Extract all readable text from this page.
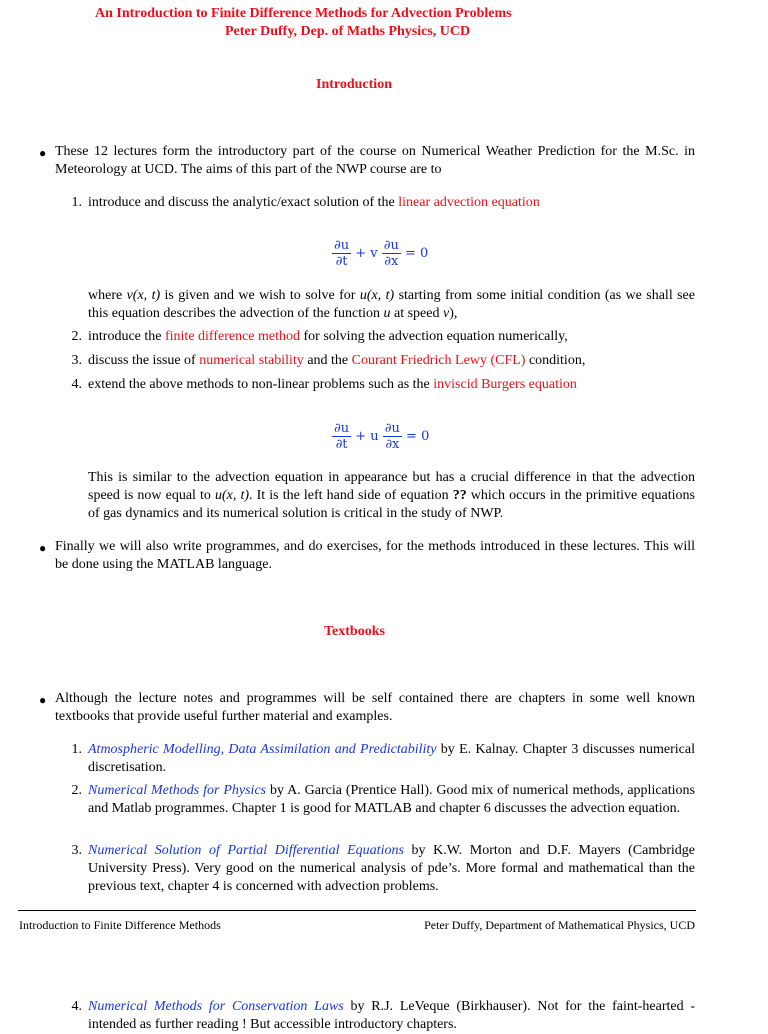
An Introduction to Finite Difference Methods for Advection Problems
Peter Duffy, Dep. of Maths Physics, UCD
Introduction
● These 12 lectures form the introductory part of the course on Numerical Weather Prediction for the M.Sc. in Meteorology at UCD. The aims of this part of the NWP course are to
1. introduce and discuss the analytic/exact solution of the linear advection equation
$\frac{\partial u}{\partial t} + v \frac{\partial u}{\partial x} = 0$
where v(x, t) is given and we wish to solve for u(x, t) starting from some initial condition (as we shall see this equation describes the advection of the function u at speed v),
2. introduce the finite difference method for solving the advection equation numerically,
3. discuss the issue of numerical stability and the Courant Friedrich Lewy (CFL) condition,
4. extend the above methods to non-linear problems such as the inviscid Burgers equation
$\frac{\partial u}{\partial t} + u \frac{\partial u}{\partial x} = 0$
This is similar to the advection equation in appearance but has a crucial difference in that the advection speed is now equal to u(x, t). It is the left hand side of equation ?? which occurs in the primitive equations of gas dynamics and its numerical solution is critical in the study of NWP.
● Finally we will also write programmes, and do exercises, for the methods introduced in these lectures. This will be done using the MATLAB language.
Textbooks
● Although the lecture notes and programmes will be self contained there are chapters in some well known textbooks that provide useful further material and examples.
1. Atmospheric Modelling, Data Assimilation and Predictability by E. Kalnay. Chapter 3 discusses numerical discretisation.
2. Numerical Methods for Physics by A. Garcia (Prentice Hall). Good mix of numerical methods, applications and Matlab programmes. Chapter 1 is good for MATLAB and chapter 6 discusses the advection equation.
3. Numerical Solution of Partial Differential Equations by K.W. Morton and D.F. Mayers (Cambridge University Press). Very good on the numerical analysis of pde’s. More formal and mathematical than the previous text, chapter 4 is concerned with advection problems.
Introduction to Finite Difference Methods	Peter Duffy, Department of Mathematical Physics, UCD
4. Numerical Methods for Conservation Laws by R.J. LeVeque (Birkhauser). Not for the faint-hearted - intended as further reading ! But accessible introductory chapters.
